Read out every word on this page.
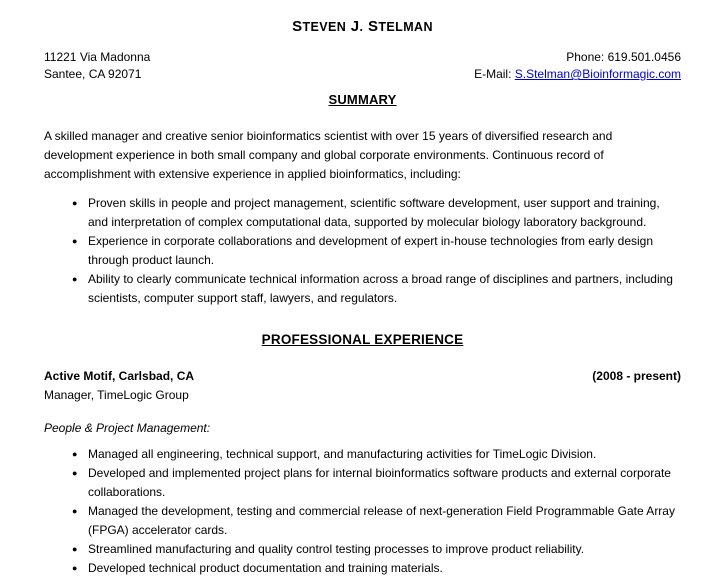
STEVEN J. STELMAN
11221 Via Madonna
Santee, CA 92071
Phone: 619.501.0456
E-Mail: S.Stelman@Bioinformagic.com
SUMMARY

A skilled manager and creative senior bioinformatics scientist with over 15 years of diversified research and development experience in both small company and global corporate environments. Continuous record of accomplishment with extensive experience in applied bioinformatics, including:

● Proven skills in people and project management, scientific software development, user support and training, and interpretation of complex computational data, supported by molecular biology laboratory background.
● Experience in corporate collaborations and development of expert in-house technologies from early design through product launch.
● Ability to clearly communicate technical information across a broad range of disciplines and partners, including scientists, computer support staff, lawyers, and regulators.
PROFESSIONAL EXPERIENCE
Active Motif, Carlsbad, CA	(2008 - present)
Manager, TimeLogic Group
People & Project Management:
● Managed all engineering, technical support, and manufacturing activities for TimeLogic Division.
● Developed and implemented project plans for internal bioinformatics software products and external corporate collaborations.
● Managed the development, testing and commercial release of next-generation Field Programmable Gate Array (FPGA) accelerator cards.
● Streamlined manufacturing and quality control testing processes to improve product reliability.
● Developed technical product documentation and training materials.
